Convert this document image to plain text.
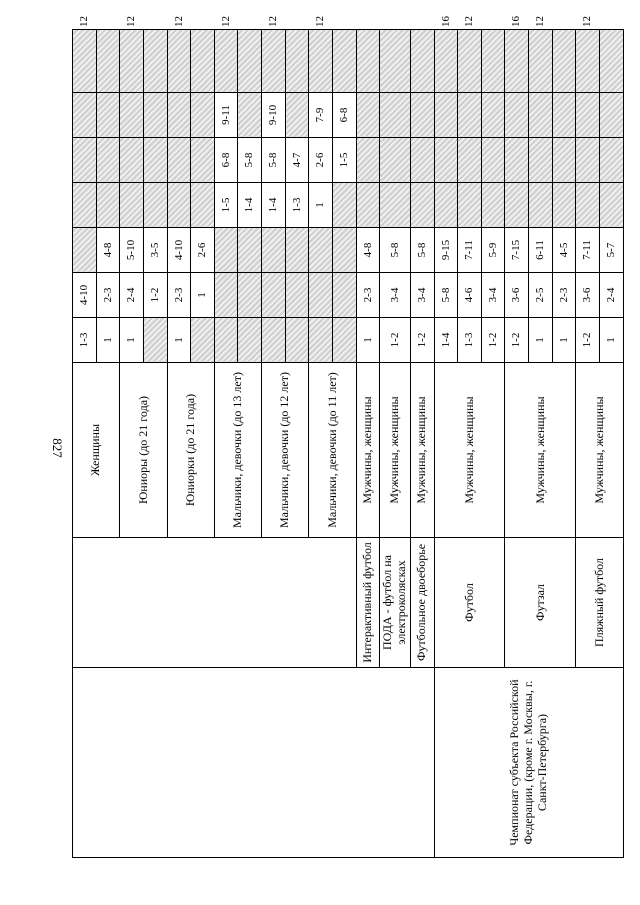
827
		Женщины	1-3	4-10						12
			1	2-3	4-8					
		Юниоры (до 21 года)	1	2-4	5-10					12
				1-2	3-5					
		Юниорки (до 21 года)	1	2-3	4-10					12
				1	2-6					
		Мальчики, девочки (до 13 лет)				1-5	6-8	9-11		12
						1-4	5-8			
		Мальчики, девочки (до 12 лет)				1-4	5-8	9-10		12
						1-3	4-7			
		Мальчики, девочки (до 11 лет)				1	2-6	7-9		12
							1-5	6-8		
	Интерактивный футбол	Мужчины, женщины	1	2-3	4-8					
	ПОДА - футбол на электроколясках	Мужчины, женщины	1-2	3-4	5-8					
	Футбольное двоеборье	Мужчины, женщины	1-2	3-4	5-8					
Чемпионат субъекта Российской Федерации, (кроме г. Москвы, г. Санкт-Петербурга)	Футбол	Мужчины, женщины	1-4	5-8	9-15					16
			1-3	4-6	7-11					12
			1-2	3-4	5-9					
	Футзал	Мужчины, женщины	1-2	3-6	7-15					16
			1	2-5	6-11					12
			1	2-3	4-5					
	Пляжный футбол	Мужчины, женщины	1-2	3-6	7-11					12
			1	2-4	5-7					
